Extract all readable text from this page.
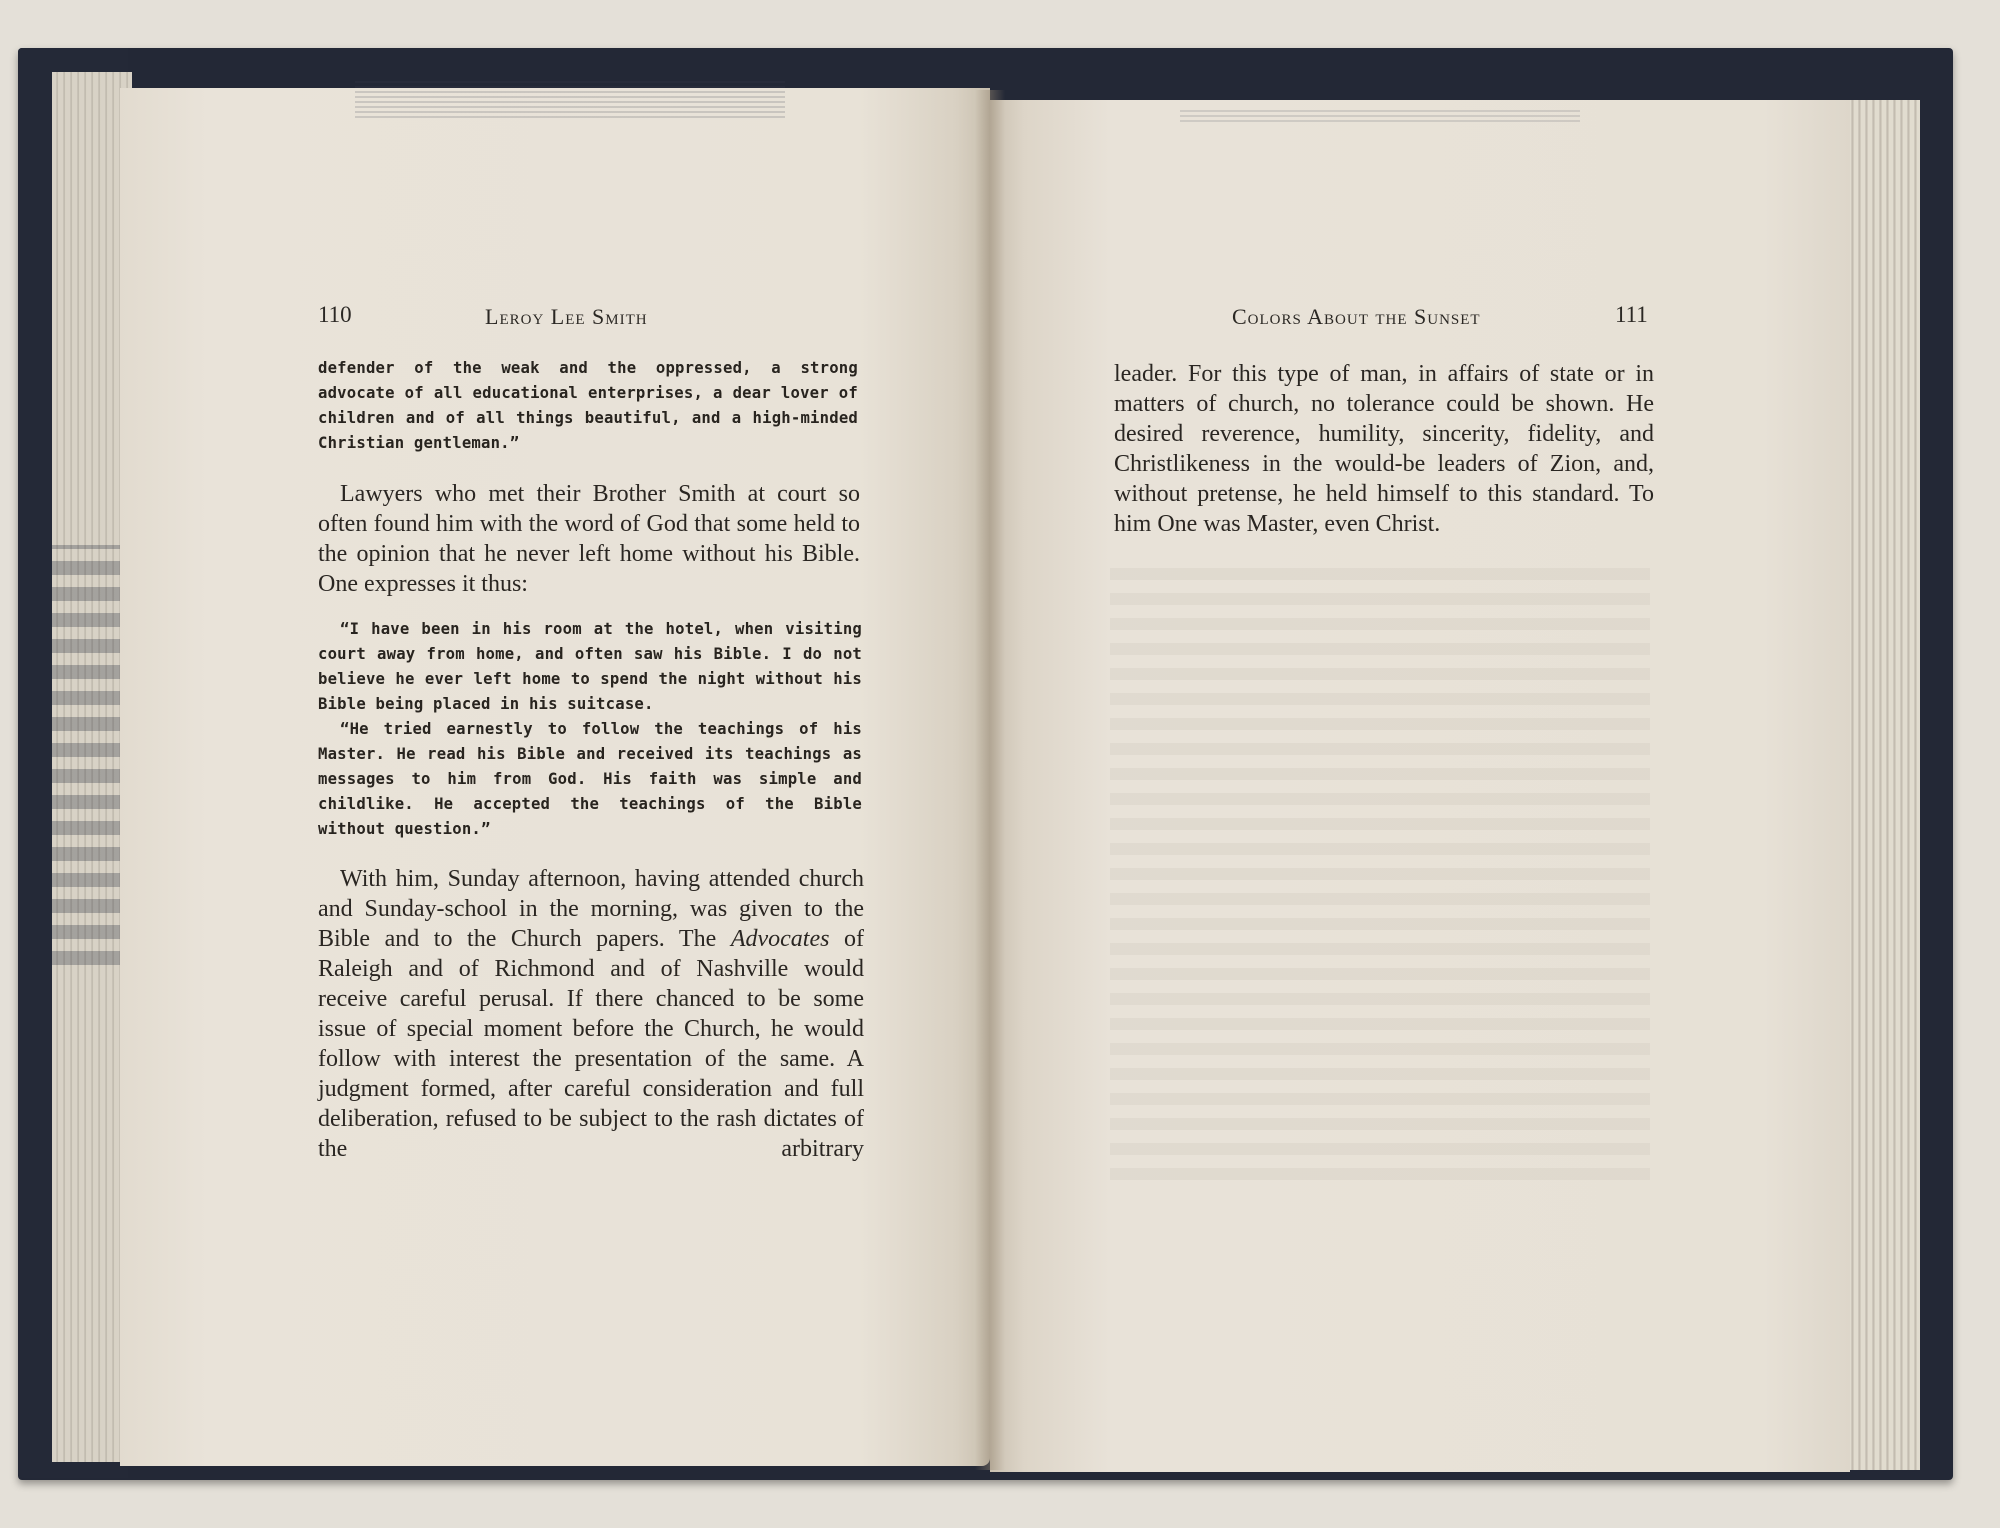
110	Leroy Lee Smith

defender of the weak and the oppressed, a strong advocate of all educational enterprises, a dear lover of children and of all things beautiful, and a high-minded Christian gentleman.”

Lawyers who met their Brother Smith at court so often found him with the word of God that some held to the opinion that he never left home without his Bible. One expresses it thus:

“I have been in his room at the hotel, when visiting court away from home, and often saw his Bible. I do not believe he ever left home to spend the night without his Bible being placed in his suitcase.

“He tried earnestly to follow the teachings of his Master. He read his Bible and received its teachings as messages to him from God. His faith was simple and childlike. He accepted the teachings of the Bible without question.”

With him, Sunday afternoon, having attended church and Sunday-school in the morning, was given to the Bible and to the Church papers. The Advocates of Raleigh and of Richmond and of Nashville would receive careful perusal. If there chanced to be some issue of special moment before the Church, he would follow with interest the presentation of the same. A judgment formed, after careful consideration and full deliberation, refused to be subject to the rash dictates of the arbitrary

Colors About the Sunset	111

leader. For this type of man, in affairs of state or in matters of church, no tolerance could be shown. He desired reverence, humility, sincerity, fidelity, and Christlikeness in the would-be leaders of Zion, and, without pretense, he held himself to this standard. To him One was Master, even Christ.
